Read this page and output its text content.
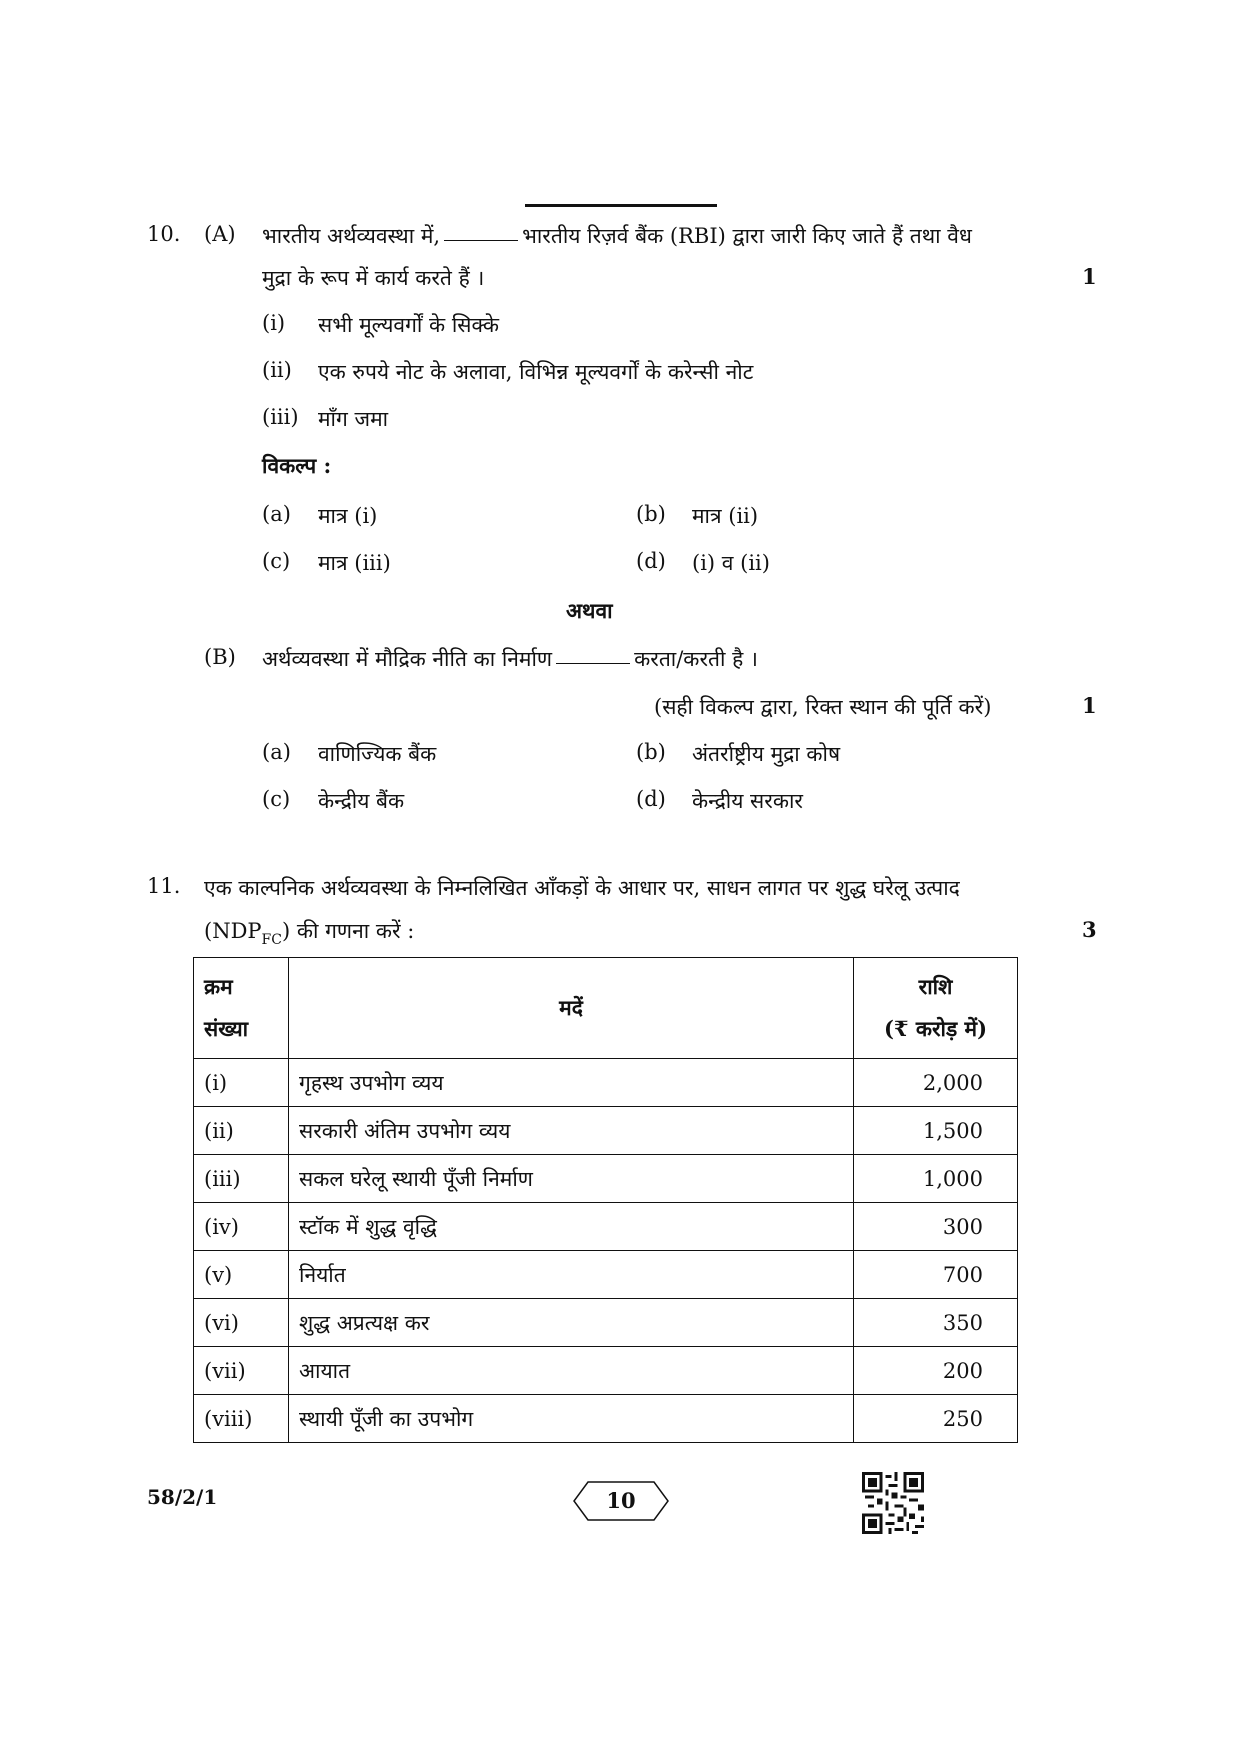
10. (A) भारतीय अर्थव्यवस्था में,	भारतीय रिज़र्व बैंक (RBI) द्वारा जारी किए जाते हैं तथा वैध
मुद्रा के रूप में कार्य करते हैं ।	1
(i) सभी मूल्यवर्गों के सिक्के
(ii) एक रुपये नोट के अलावा, विभिन्न मूल्यवर्गों के करेन्सी नोट
(iii) माँग जमा
विकल्प :
(a) मात्र (i)	(b) मात्र (ii)
(c) मात्र (iii)	(d) (i) व (ii)
अथवा
(B) अर्थव्यवस्था में मौद्रिक नीति का निर्माण	करता/करती है ।
(सही विकल्प द्वारा, रिक्त स्थान की पूर्ति करें)	1
(a) वाणिज्यिक बैंक	(b) अंतर्राष्ट्रीय मुद्रा कोष
(c) केन्द्रीय बैंक	(d) केन्द्रीय सरकार
11. एक काल्पनिक अर्थव्यवस्था के निम्नलिखित आँकड़ों के आधार पर, साधन लागत पर शुद्ध घरेलू उत्पाद
$(NDP_{FC})$ की गणना करें :	3
क्रम
संख्या	मदें	राशि
(₹ करोड़ में)
(i)	गृहस्थ उपभोग व्यय	2,000
(ii)	सरकारी अंतिम उपभोग व्यय	1,500
(iii)	सकल घरेलू स्थायी पूँजी निर्माण	1,000
(iv)	स्टॉक में शुद्ध वृद्धि	300
(v)	निर्यात	700
(vi)	शुद्ध अप्रत्यक्ष कर	350
(vii)	आयात	200
(viii)	स्थायी पूँजी का उपभोग	250
58/2/1	10
